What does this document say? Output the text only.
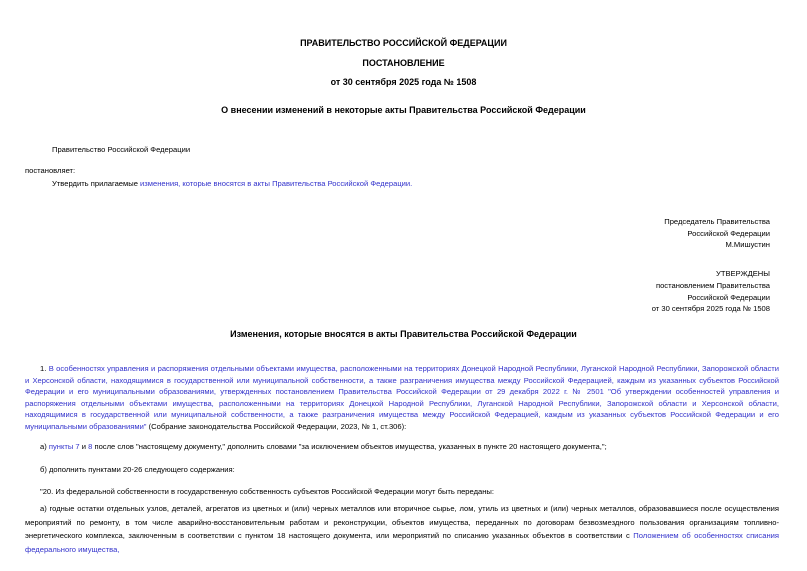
ПРАВИТЕЛЬСТВО РОССИЙСКОЙ ФЕДЕРАЦИИ
ПОСТАНОВЛЕНИЕ
от 30 сентября 2025 года № 1508
О внесении изменений в некоторые акты Правительства Российской Федерации
Правительство Российской Федерации
постановляет:
Утвердить прилагаемые изменения, которые вносятся в акты Правительства Российской Федерации.
Председатель Правительства
Российской Федерации
М.Мишустин
УТВЕРЖДЕНЫ
постановлением Правительства
Российской Федерации
от 30 сентября 2025 года № 1508
Изменения, которые вносятся в акты Правительства Российской Федерации
1. В особенностях управления и распоряжения отдельными объектами имущества, расположенными на территориях Донецкой Народной Республики, Луганской Народной Республики, Запорожской области и Херсонской области, находящимися в государственной или муниципальной собственности, а также разграничения имущества между Российской Федерацией, каждым из указанных субъектов Российской Федерации и его муниципальными образованиями, утвержденных постановлением Правительства Российской Федерации от 29 декабря 2022 г. № 2501 "Об утверждении особенностей управления и распоряжения отдельными объектами имущества, расположенными на территориях Донецкой Народной Республики, Луганской Народной Республики, Запорожской области и Херсонской области, находящимися в государственной или муниципальной собственности, а также разграничения имущества между Российской Федерацией, каждым из указанных субъектов Российской Федерации и его муниципальными образованиями" (Собрание законодательства Российской Федерации, 2023, № 1, ст.306):
а) пункты 7 и 8 после слов "настоящему документу," дополнить словами "за исключением объектов имущества, указанных в пункте 20 настоящего документа,";
б) дополнить пунктами 20-26 следующего содержания:
"20. Из федеральной собственности в государственную собственность субъектов Российской Федерации могут быть переданы:
а) годные остатки отдельных узлов, деталей, агрегатов из цветных и (или) черных металлов или вторичное сырье, лом, утиль из цветных и (или) черных металлов, образовавшиеся после осуществления мероприятий по ремонту, в том числе аварийно-восстановительным работам и реконструкции, объектов имущества, переданных по договорам безвозмездного пользования организациям топливно-энергетического комплекса, заключенным в соответствии с пунктом 18 настоящего документа, или мероприятий по списанию указанных объектов в соответствии с Положением об особенностях списания федерального имущества,
